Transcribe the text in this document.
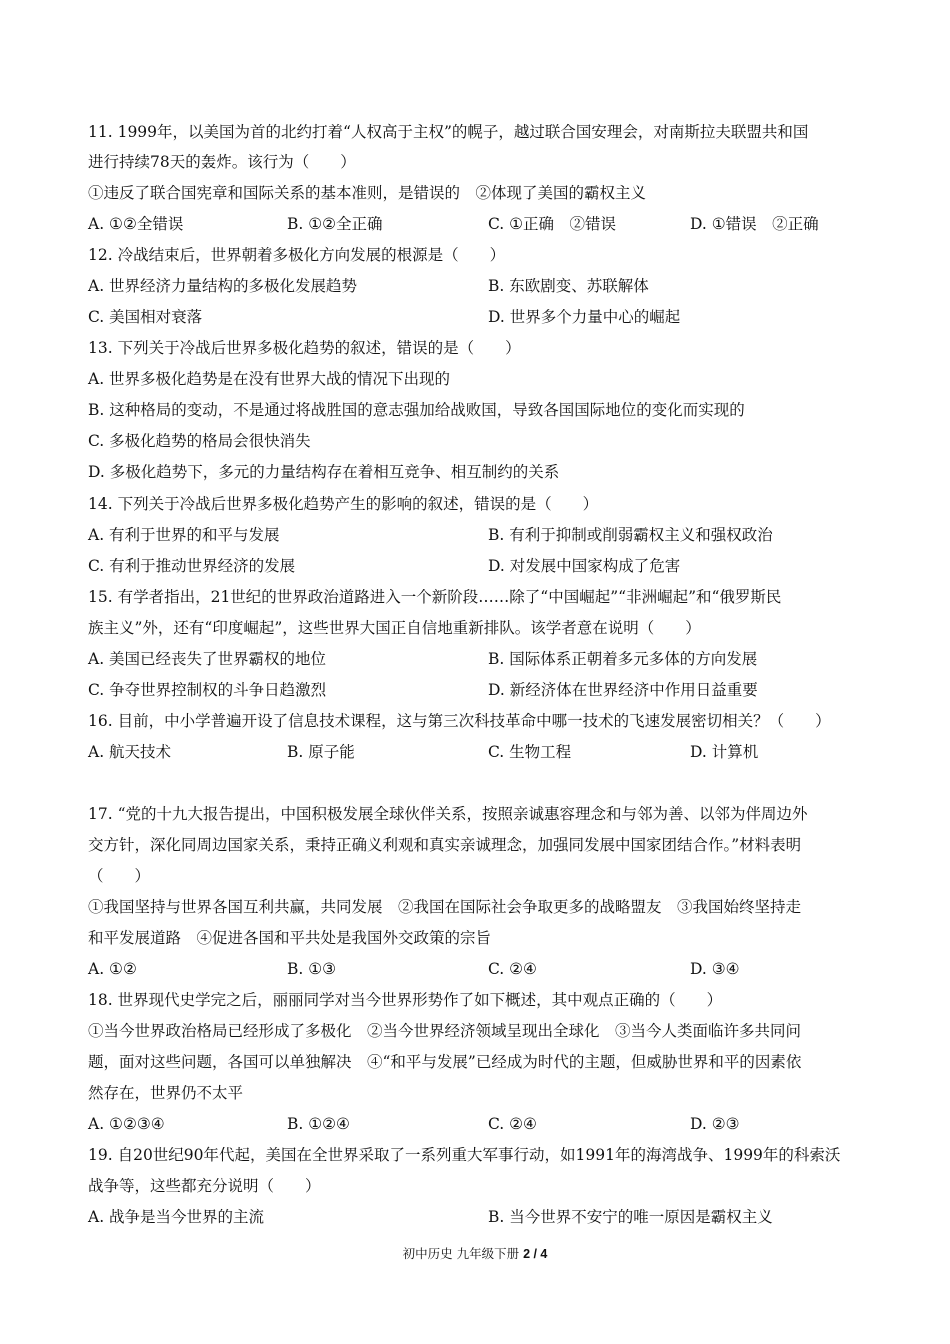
11. 1999年，以美国为首的北约打着“人权高于主权”的幌子，越过联合国安理会，对南斯拉夫联盟共和国
进行持续78天的轰炸。该行为（　　）
①违反了联合国宪章和国际关系的基本准则，是错误的　②体现了美国的霸权主义
A. ①②全错误	B. ①②全正确	C. ①正确　②错误	D. ①错误　②正确
12. 冷战结束后，世界朝着多极化方向发展的根源是（　　）
A. 世界经济力量结构的多极化发展趋势	B. 东欧剧变、苏联解体
C. 美国相对衰落	D. 世界多个力量中心的崛起
13. 下列关于冷战后世界多极化趋势的叙述，错误的是（　　）
A. 世界多极化趋势是在没有世界大战的情况下出现的
B. 这种格局的变动，不是通过将战胜国的意志强加给战败国，导致各国国际地位的变化而实现的
C. 多极化趋势的格局会很快消失
D. 多极化趋势下，多元的力量结构存在着相互竞争、相互制约的关系
14. 下列关于冷战后世界多极化趋势产生的影响的叙述，错误的是（　　）
A. 有利于世界的和平与发展	B. 有利于抑制或削弱霸权主义和强权政治
C. 有利于推动世界经济的发展	D. 对发展中国家构成了危害
15. 有学者指出，21世纪的世界政治道路进入一个新阶段……除了“中国崛起”“非洲崛起”和“俄罗斯民
族主义”外，还有“印度崛起”，这些世界大国正自信地重新排队。该学者意在说明（　　）
A. 美国已经丧失了世界霸权的地位	B. 国际体系正朝着多元多体的方向发展
C. 争夺世界控制权的斗争日趋激烈	D. 新经济体在世界经济中作用日益重要
16. 目前，中小学普遍开设了信息技术课程，这与第三次科技革命中哪一技术的飞速发展密切相关？（　　）
A. 航天技术	B. 原子能	C. 生物工程	D. 计算机
17. “党的十九大报告提出，中国积极发展全球伙伴关系，按照亲诚惠容理念和与邻为善、以邻为伴周边外
交方针，深化同周边国家关系，秉持正确义利观和真实亲诚理念，加强同发展中国家团结合作。”材料表明
（　　）
①我国坚持与世界各国互利共赢，共同发展　②我国在国际社会争取更多的战略盟友　③我国始终坚持走
和平发展道路　④促进各国和平共处是我国外交政策的宗旨
A. ①②	B. ①③	C. ②④	D. ③④
18. 世界现代史学完之后，丽丽同学对当今世界形势作了如下概述，其中观点正确的（　　）
①当今世界政治格局已经形成了多极化　②当今世界经济领域呈现出全球化　③当今人类面临许多共同问
题，面对这些问题，各国可以单独解决　④“和平与发展”已经成为时代的主题，但威胁世界和平的因素依
然存在，世界仍不太平
A. ①②③④	B. ①②④	C. ②④	D. ②③
19. 自20世纪90年代起，美国在全世界采取了一系列重大军事行动，如1991年的海湾战争、1999年的科索沃
战争等，这些都充分说明（　　）
A. 战争是当今世界的主流	B. 当今世界不安宁的唯一原因是霸权主义
初中历史 九年级下册 2 / 4
